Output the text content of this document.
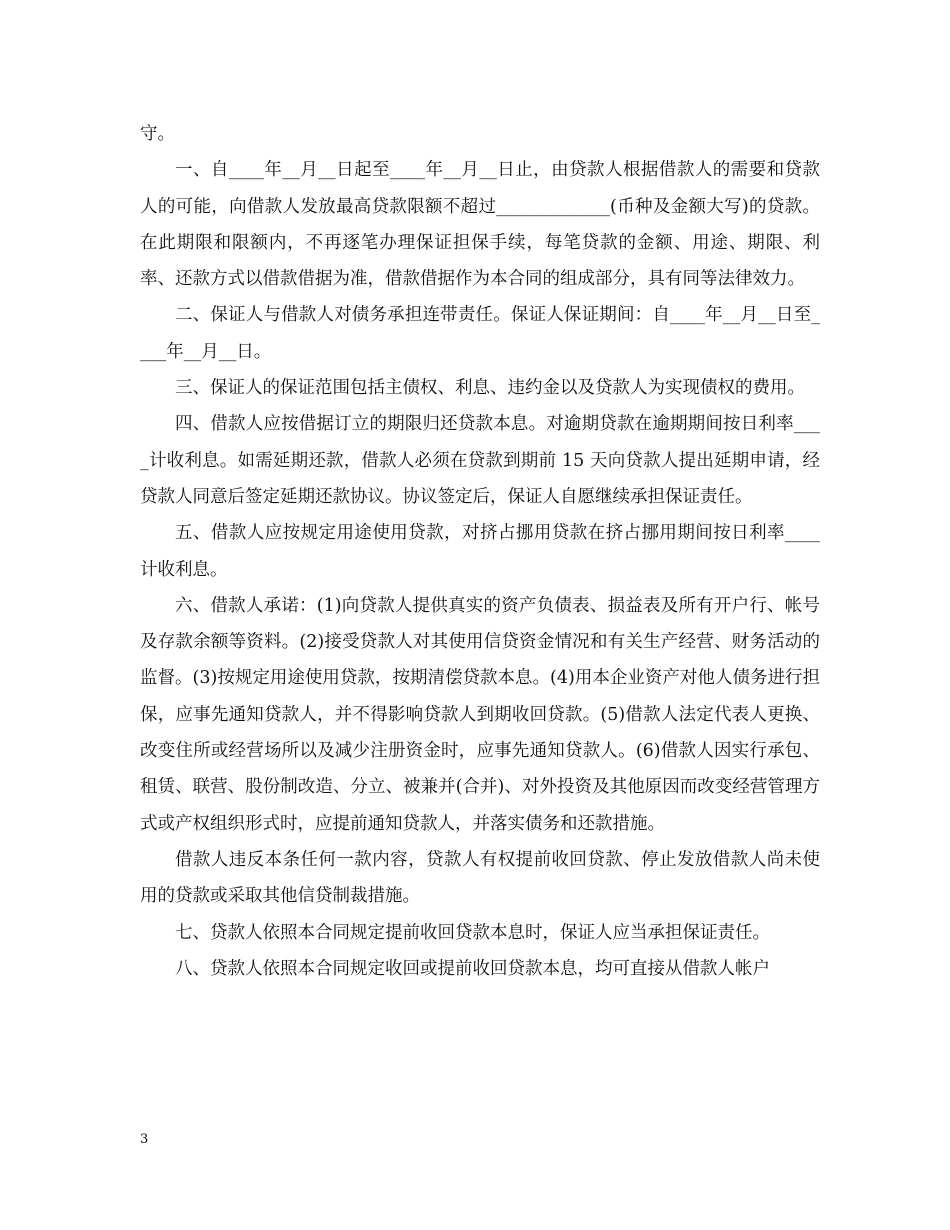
守。

一、自____年__月__日起至____年__月__日止，由贷款人根据借款人的需要和贷款人的可能，向借款人发放最高贷款限额不超过_____________(币种及金额大写)的贷款。在此期限和限额内，不再逐笔办理保证担保手续，每笔贷款的金额、用途、期限、利率、还款方式以借款借据为准，借款借据作为本合同的组成部分，具有同等法律效力。

二、保证人与借款人对债务承担连带责任。保证人保证期间：自____年__月__日至____年__月__日。

三、保证人的保证范围包括主债权、利息、违约金以及贷款人为实现债权的费用。

四、借款人应按借据订立的期限归还贷款本息。对逾期贷款在逾期期间按日利率____计收利息。如需延期还款，借款人必须在贷款到期前 15 天向贷款人提出延期申请，经贷款人同意后签定延期还款协议。协议签定后，保证人自愿继续承担保证责任。

五、借款人应按规定用途使用贷款，对挤占挪用贷款在挤占挪用期间按日利率____计收利息。

六、借款人承诺：(1)向贷款人提供真实的资产负债表、损益表及所有开户行、帐号及存款余额等资料。(2)接受贷款人对其使用信贷资金情况和有关生产经营、财务活动的监督。(3)按规定用途使用贷款，按期清偿贷款本息。(4)用本企业资产对他人债务进行担保，应事先通知贷款人，并不得影响贷款人到期收回贷款。(5)借款人法定代表人更换、改变住所或经营场所以及减少注册资金时，应事先通知贷款人。(6)借款人因实行承包、租赁、联营、股份制改造、分立、被兼并(合并)、对外投资及其他原因而改变经营管理方式或产权组织形式时，应提前通知贷款人，并落实债务和还款措施。

借款人违反本条任何一款内容，贷款人有权提前收回贷款、停止发放借款人尚未使用的贷款或采取其他信贷制裁措施。

七、贷款人依照本合同规定提前收回贷款本息时，保证人应当承担保证责任。

八、贷款人依照本合同规定收回或提前收回贷款本息，均可直接从借款人帐户

3
